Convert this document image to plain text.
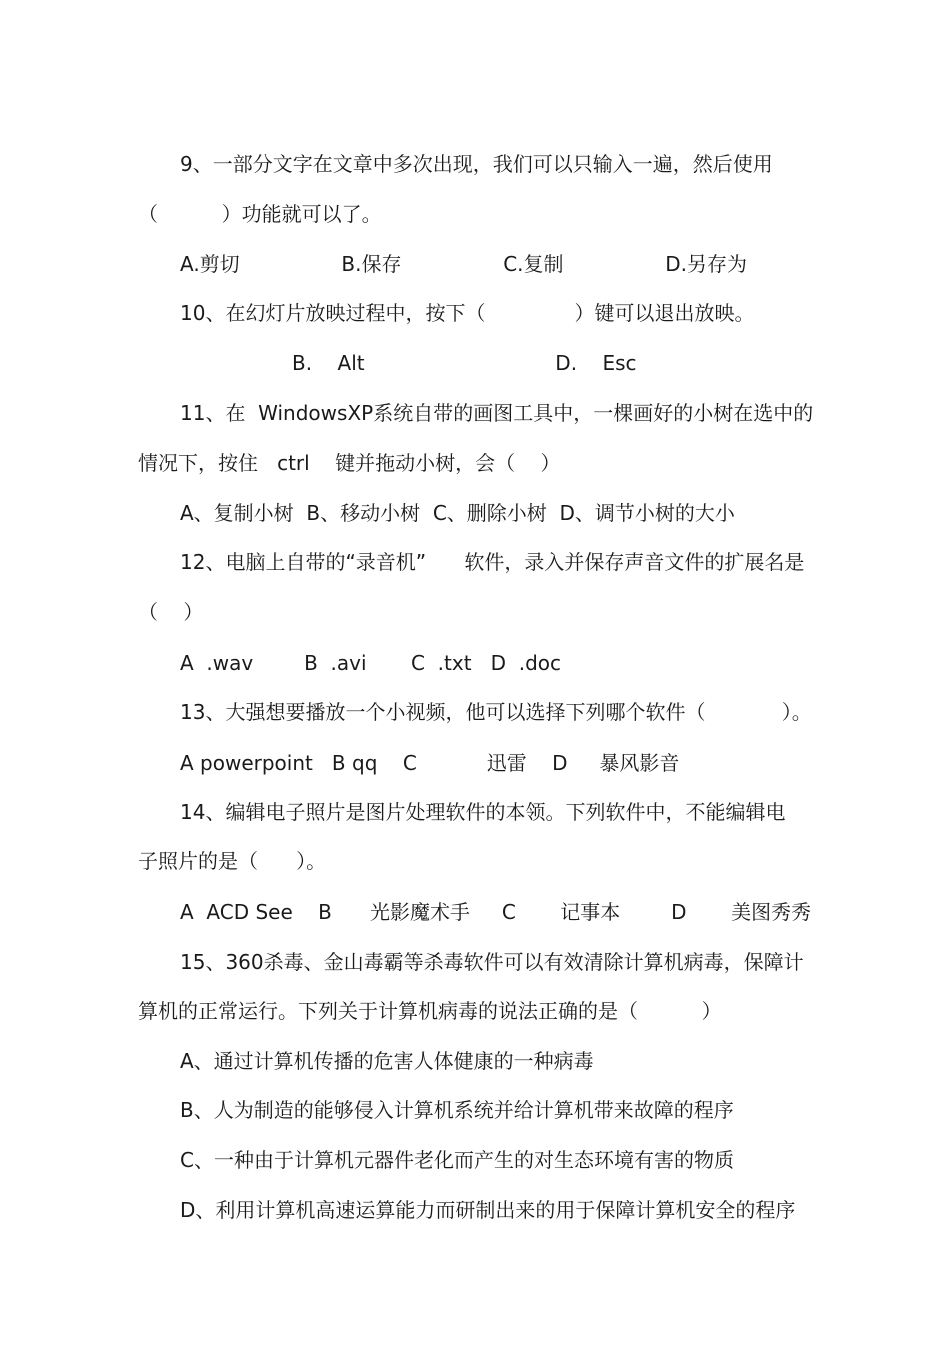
9、一部分文字在文章中多次出现，我们可以只输入一遍，然后使用
（          ）功能就可以了。
A.剪切                B.保存                C.复制                D.另存为
10、在幻灯片放映过程中，按下（              ）键可以退出放映。
B.    Alt                              D.    Esc
11、在  WindowsXP系统自带的画图工具中，一棵画好的小树在选中的
情况下，按住   ctrl    键并拖动小树，会（    ）
A、复制小树  B、移动小树  C、删除小树  D、调节小树的大小
12、电脑上自带的“录音机”      软件，录入并保存声音文件的扩展名是
（    ）
A  .wav        B  .avi       C  .txt   D  .doc
13、大强想要播放一个小视频，他可以选择下列哪个软件（            ）。
A powerpoint   B qq    C           迅雷    D     暴风影音
14、编辑电子照片是图片处理软件的本领。下列软件中，不能编辑电
子照片的是（      ）。
A  ACD See    B      光影魔术手     C       记事本        D       美图秀秀
15、360杀毒、金山毒霸等杀毒软件可以有效清除计算机病毒，保障计
算机的正常运行。下列关于计算机病毒的说法正确的是（          ）
A、通过计算机传播的危害人体健康的一种病毒
B、人为制造的能够侵入计算机系统并给计算机带来故障的程序
C、一种由于计算机元器件老化而产生的对生态环境有害的物质
D、利用计算机高速运算能力而研制出来的用于保障计算机安全的程序
